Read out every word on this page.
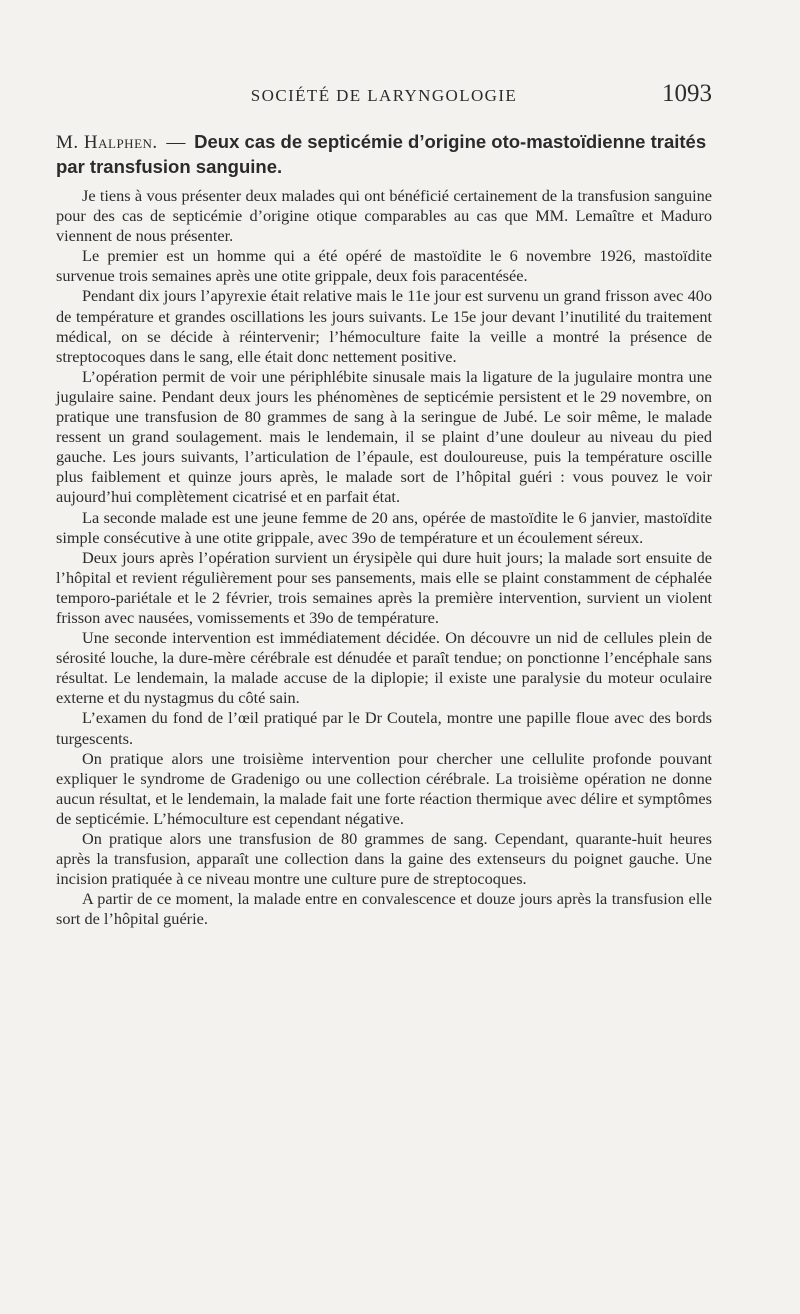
SOCIÉTÉ DE LARYNGOLOGIE	1093
M. Halphen. — Deux cas de septicémie d’origine oto-mastoïdienne traités par transfusion sanguine.

Je tiens à vous présenter deux malades qui ont bénéficié certainement de la transfusion sanguine pour des cas de septicémie d’origine otique comparables au cas que MM. Lemaître et Maduro viennent de nous présenter.

Le premier est un homme qui a été opéré de mastoïdite le 6 novembre 1926, mastoïdite survenue trois semaines après une otite grippale, deux fois paracentésée.

Pendant dix jours l’apyrexie était relative mais le 11e jour est survenu un grand frisson avec 40o de température et grandes oscillations les jours suivants. Le 15e jour devant l’inutilité du traitement médical, on se décide à réintervenir; l’hémoculture faite la veille a montré la présence de streptocoques dans le sang, elle était donc nettement positive.

L’opération permit de voir une périphlébite sinusale mais la ligature de la jugulaire montra une jugulaire saine. Pendant deux jours les phénomènes de septicémie persistent et le 29 novembre, on pratique une transfusion de 80 grammes de sang à la seringue de Jubé. Le soir même, le malade ressent un grand soulagement. mais le lendemain, il se plaint d’une douleur au niveau du pied gauche. Les jours suivants, l’articulation de l’épaule, est douloureuse, puis la température oscille plus faiblement et quinze jours après, le malade sort de l’hôpital guéri : vous pouvez le voir aujourd’hui complètement cicatrisé et en parfait état.

La seconde malade est une jeune femme de 20 ans, opérée de mastoïdite le 6 janvier, mastoïdite simple consécutive à une otite grippale, avec 39o de température et un écoulement séreux.

Deux jours après l’opération survient un érysipèle qui dure huit jours; la malade sort ensuite de l’hôpital et revient régulièrement pour ses pansements, mais elle se plaint constamment de céphalée temporo-pariétale et le 2 février, trois semaines après la première intervention, survient un violent frisson avec nausées, vomissements et 39o de température.

Une seconde intervention est immédiatement décidée. On découvre un nid de cellules plein de sérosité louche, la dure-mère cérébrale est dénudée et paraît tendue; on ponctionne l’encéphale sans résultat. Le lendemain, la malade accuse de la diplopie; il existe une paralysie du moteur oculaire externe et du nystagmus du côté sain.

L’examen du fond de l’œil pratiqué par le Dr Coutela, montre une papille floue avec des bords turgescents.

On pratique alors une troisième intervention pour chercher une cellulite profonde pouvant expliquer le syndrome de Gradenigo ou une collection cérébrale. La troisième opération ne donne aucun résultat, et le lendemain, la malade fait une forte réaction thermique avec délire et symptômes de septicémie. L’hémoculture est cependant négative.

On pratique alors une transfusion de 80 grammes de sang. Cependant, quarante-huit heures après la transfusion, apparaît une collection dans la gaine des extenseurs du poignet gauche. Une incision pratiquée à ce niveau montre une culture pure de streptocoques.

A partir de ce moment, la malade entre en convalescence et douze jours après la transfusion elle sort de l’hôpital guérie.
